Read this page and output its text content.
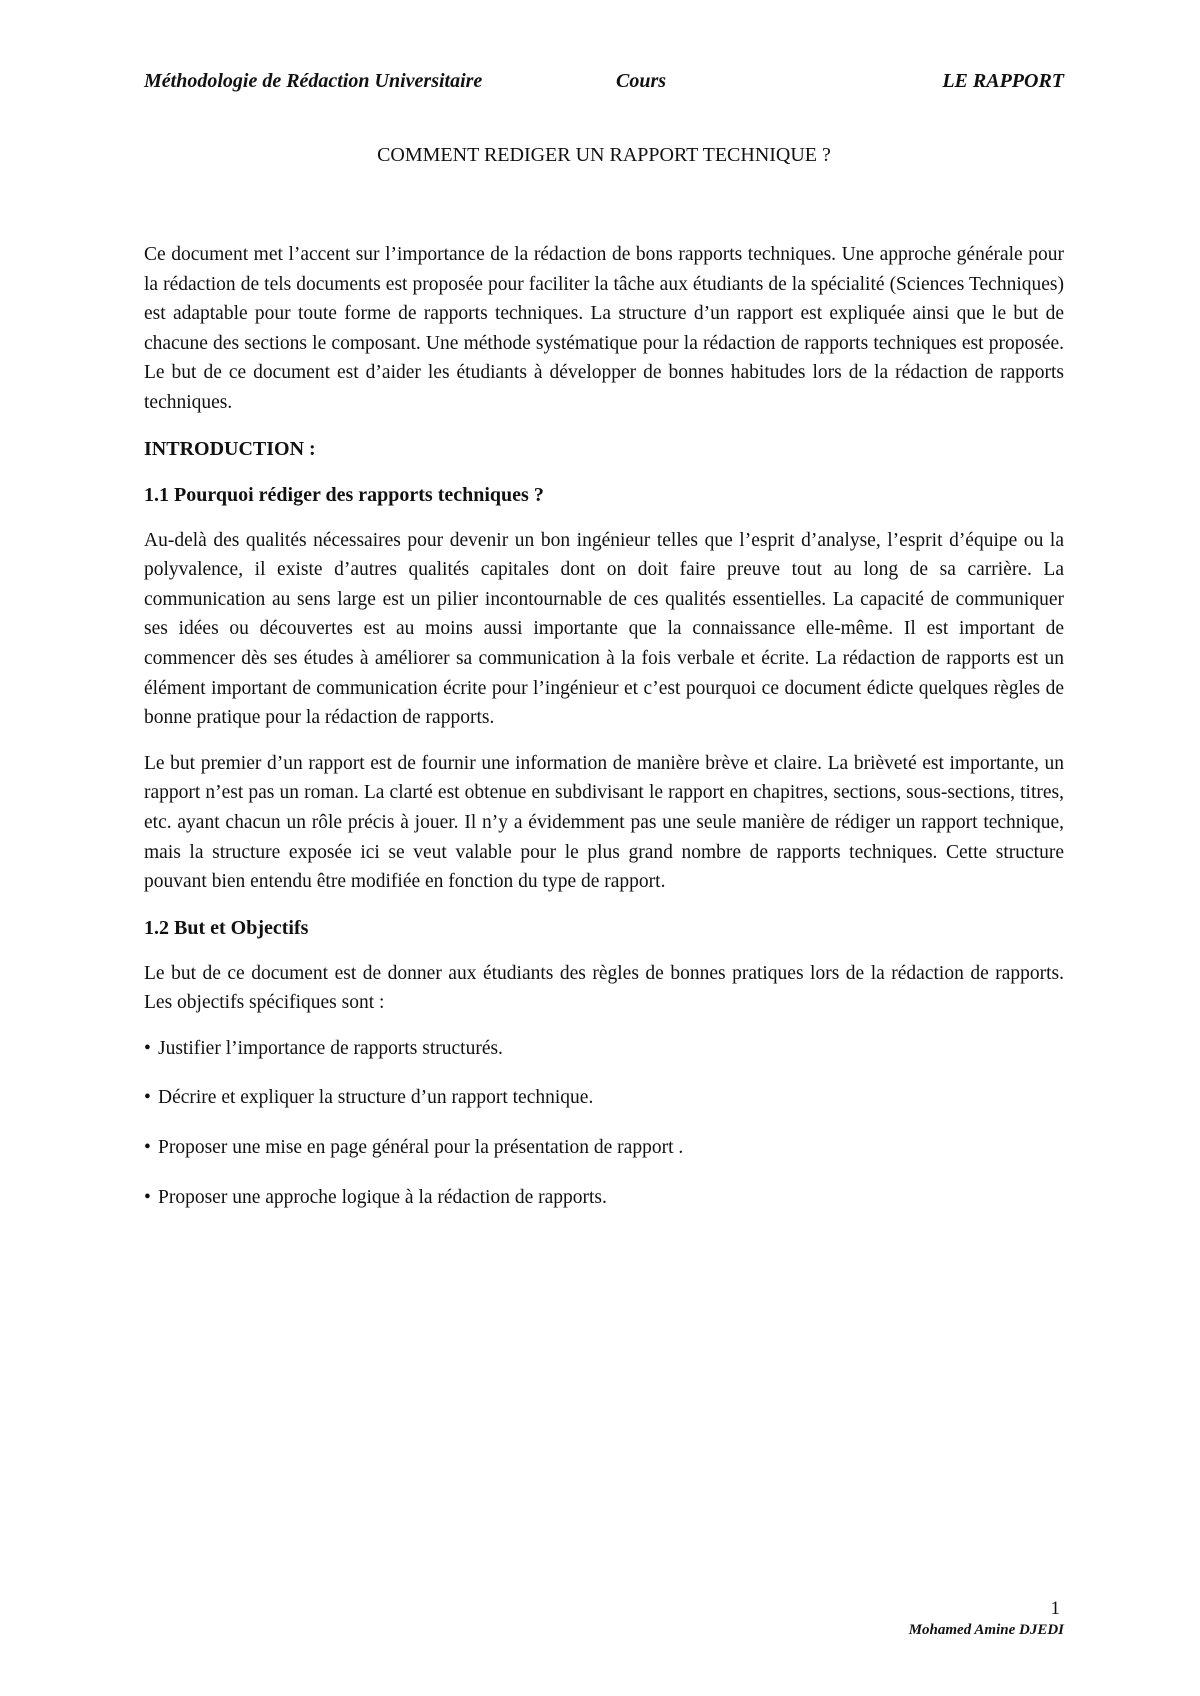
Méthodologie de Rédaction Universitaire	Cours	LE RAPPORT
COMMENT REDIGER UN RAPPORT TECHNIQUE ?

Ce document met l’accent sur l’importance de la rédaction de bons rapports techniques. Une approche générale pour la rédaction de tels documents est proposée pour faciliter la tâche aux étudiants de la spécialité (Sciences Techniques) est adaptable pour toute forme de rapports techniques. La structure d’un rapport est expliquée ainsi que le but de chacune des sections le composant. Une méthode systématique pour la rédaction de rapports techniques est proposée. Le but de ce document est d’aider les étudiants à développer de bonnes habitudes lors de la rédaction de rapports techniques.

INTRODUCTION :
1.1 Pourquoi rédiger des rapports techniques ?

Au-delà des qualités nécessaires pour devenir un bon ingénieur telles que l’esprit d’analyse, l’esprit d’équipe ou la polyvalence, il existe d’autres qualités capitales dont on doit faire preuve tout au long de sa carrière. La communication au sens large est un pilier incontournable de ces qualités essentielles. La capacité de communiquer ses idées ou découvertes est au moins aussi importante que la connaissance elle-même. Il est important de commencer dès ses études à améliorer sa communication à la fois verbale et écrite. La rédaction de rapports est un élément important de communication écrite pour l’ingénieur et c’est pourquoi ce document édicte quelques règles de bonne pratique pour la rédaction de rapports.

Le but premier d’un rapport est de fournir une information de manière brève et claire. La brièveté est importante, un rapport n’est pas un roman. La clarté est obtenue en subdivisant le rapport en chapitres, sections, sous-sections, titres, etc. ayant chacun un rôle précis à jouer. Il n’y a évidemment pas une seule manière de rédiger un rapport technique, mais la structure exposée ici se veut valable pour le plus grand nombre de rapports techniques. Cette structure pouvant bien entendu être modifiée en fonction du type de rapport.

1.2 But et Objectifs

Le but de ce document est de donner aux étudiants des règles de bonnes pratiques lors de la rédaction de rapports. Les objectifs spécifiques sont :

• Justifier l’importance de rapports structurés.
• Décrire et expliquer la structure d’un rapport technique.
• Proposer une mise en page général pour la présentation de rapport .
• Proposer une approche logique à la rédaction de rapports.
1
Mohamed Amine DJEDI
